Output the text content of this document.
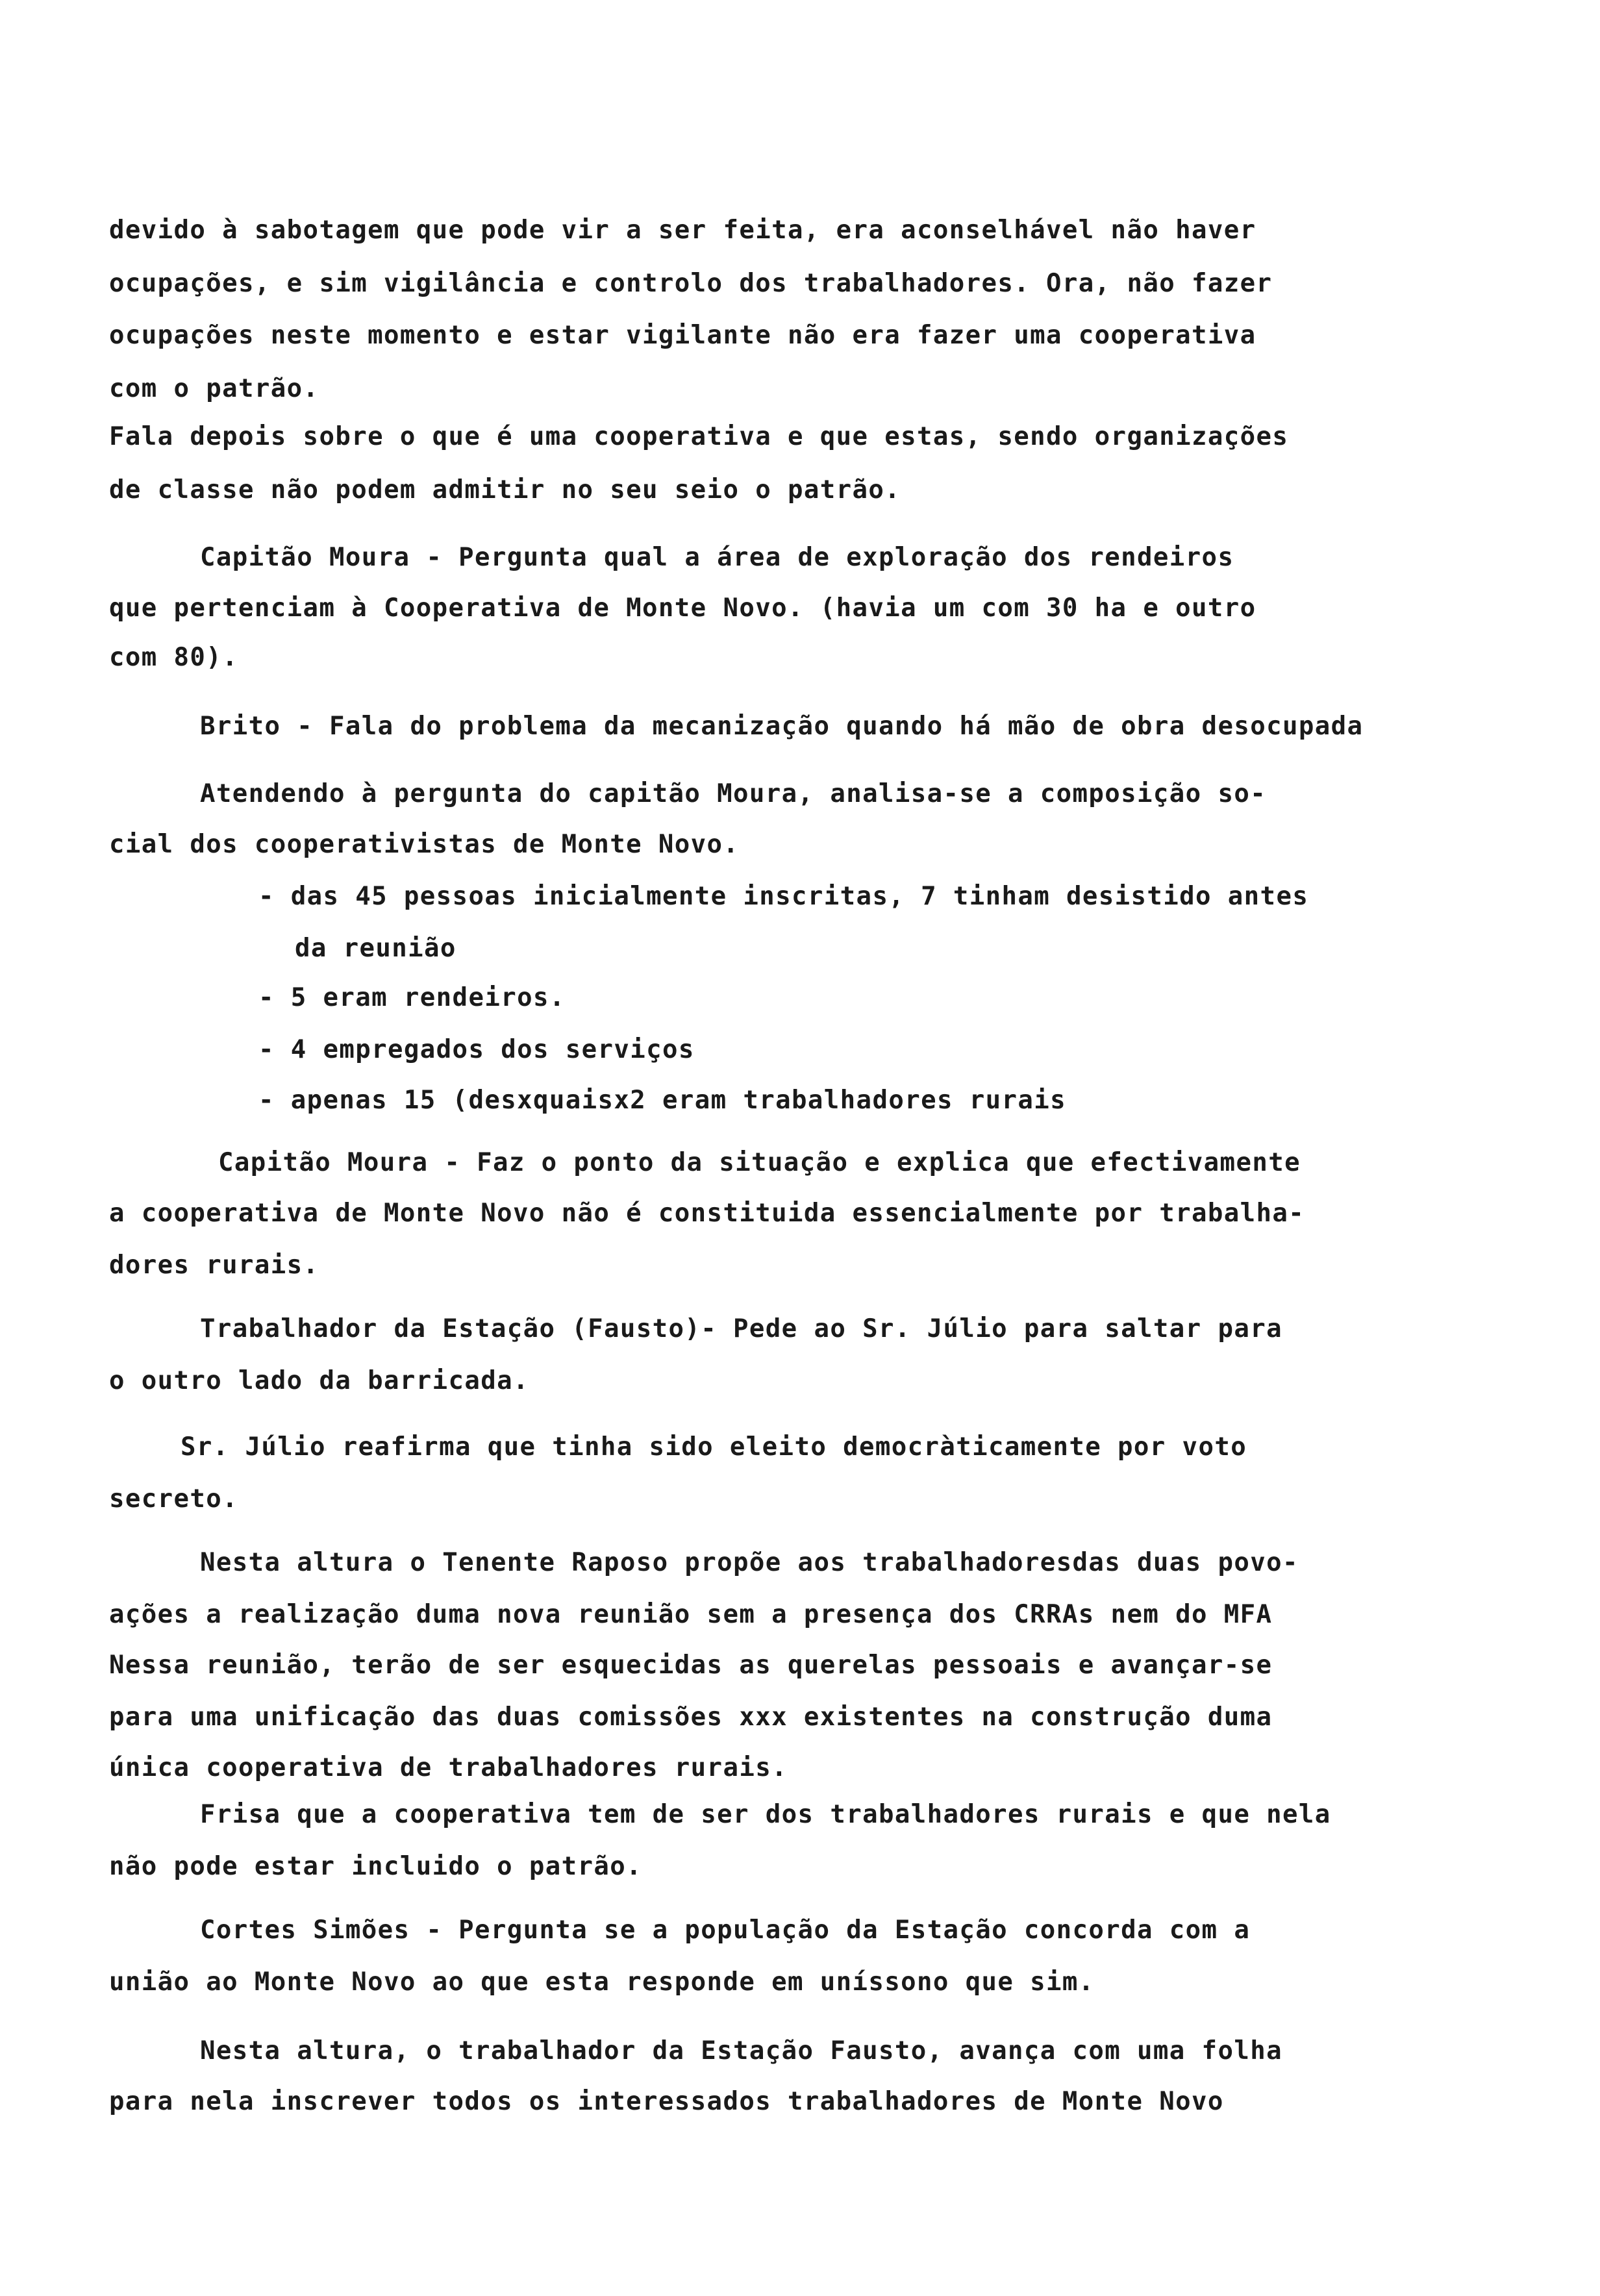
devido à sabotagem que pode vir a ser feita, era aconselhável não haver
ocupações, e sim vigilância e controlo dos trabalhadores. Ora, não fazer
ocupações neste momento e estar vigilante não era fazer uma cooperativa
com o patrão.
Fala depois sobre o que é uma cooperativa e que estas, sendo organizações
de classe não podem admitir no seu seio o patrão.
Capitão Moura - Pergunta qual a área de exploração dos rendeiros
que pertenciam à Cooperativa de Monte Novo. (havia um com 30 ha e outro
com 80).
Brito - Fala do problema da mecanização quando há mão de obra desocupada
Atendendo à pergunta do capitão Moura, analisa-se a composição so-
cial dos cooperativistas de Monte Novo.
- das 45 pessoas inicialmente inscritas, 7 tinham desistido antes
da reunião
- 5 eram rendeiros.
- 4 empregados dos serviços
- apenas 15 (desxquaisx2 eram trabalhadores rurais
Capitão Moura - Faz o ponto da situação e explica que efectivamente
a cooperativa de Monte Novo não é constituida essencialmente por trabalha-
dores rurais.
Trabalhador da Estação (Fausto)- Pede ao Sr. Júlio para saltar para
o outro lado da barricada.
Sr. Júlio reafirma que tinha sido eleito democràticamente por voto
secreto.
Nesta altura o Tenente Raposo propõe aos trabalhadoresdas duas povo-
ações a realização duma nova reunião sem a presença dos CRRAs nem do MFA
Nessa reunião, terão de ser esquecidas as querelas pessoais e avançar-se
para uma unificação das duas comissões xxx existentes na construção duma
única cooperativa de trabalhadores rurais.
Frisa que a cooperativa tem de ser dos trabalhadores rurais e que nela
não pode estar incluido o patrão.
Cortes Simões - Pergunta se a população da Estação concorda com a
união ao Monte Novo ao que esta responde em uníssono que sim.
Nesta altura, o trabalhador da Estação Fausto, avança com uma folha
para nela inscrever todos os interessados trabalhadores de Monte Novo
